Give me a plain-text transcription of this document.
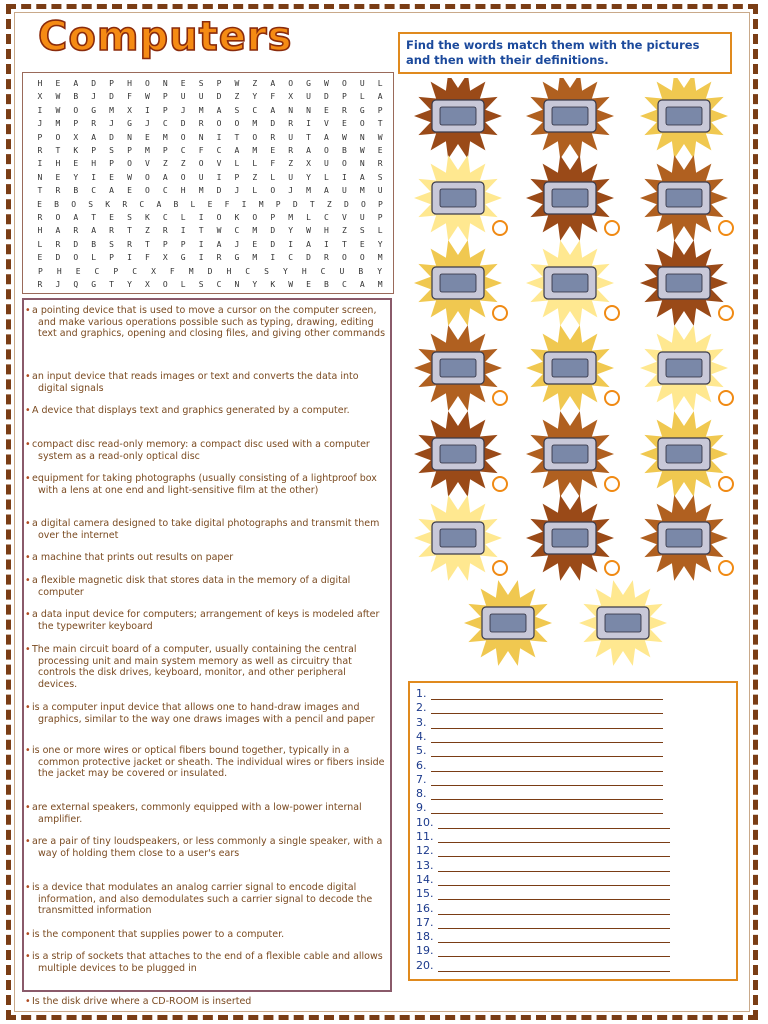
Computers	Find the words match them with the pictures and then with their definitions.
H	E	A	D	P	H	O	N	E	S	P	W	Z	A	O	G	W	O	U	L
X	W	B	J	D	F	W	P	U	U	D	Z	Y	F	X	U	D	P	L	A
I	W	O	G	M	X	I	P	J	M	A	S	C	A	N	N	E	R	G	P
J	M	P	R	J	G	J	C	D	R	O	O	M	D	R	I	V	E	O	T
P	O	X	A	D	N	E	M	O	N	I	T	O	R	U	T	A	W	N	W
R	T	K	P	S	P	M	P	C	F	C	A	M	E	R	A	O	B	W	E
I	H	E	H	P	O	V	Z	Z	O	V	L	L	F	Z	X	U	O	N	R
N	E	Y	I	E	W	O	A	O	U	I	P	Z	L	U	Y	L	I	A	S
T	R	B	C	A	E	O	C	H	M	D	J	L	O	J	M	A	U	M	U
E	B	O	S	K	R	C	A	B	L	E	F	I	M	P	D	T	Z	D	O	P
R	O	A	T	E	S	K	C	L	I	O	K	O	P	M	L	C	V	U	P
H	A	R	A	R	T	Z	R	I	T	W	C	M	D	Y	W	H	Z	S	L
L	R	D	B	S	R	T	P	P	I	A	J	E	D	I	A	I	T	E	Y
E	D	O	L	P	I	F	X	G	I	R	G	M	I	C	D	R	O	O	M
P	H	E	C	P	C	X	F	M	D	H	C	S	Y	H	C	U	B	Y
R	J	Q	G	T	Y	X	O	L	S	C	N	Y	K	W	E	B	C	A	M
• a pointing device that is used to move a cursor on the computer screen, and make various operations possible such as typing, drawing, editing text and graphics, opening and closing files, and giving other commands
• an input device that reads images or text and converts the data into digital signals
• A device that displays text and graphics generated by a computer.
• compact disc read-only memory: a compact disc used with a computer system as a read-only optical disc
• equipment for taking photographs (usually consisting of a lightproof box with a lens at one end and light-sensitive film at the other)
• a digital camera designed to take digital photographs and transmit them over the internet
• a machine that prints out results on paper
• a flexible magnetic disk that stores data in the memory of a digital computer
• a data input device for computers; arrangement of keys is modeled after the typewriter keyboard
• The main circuit board of a computer, usually containing the central processing unit and main system memory as well as circuitry that controls the disk drives, keyboard, monitor, and other peripheral devices.
• is a computer input device that allows one to hand-draw images and graphics, similar to the way one draws images with a pencil and paper
• is one or more wires or optical fibers bound together, typically in a common protective jacket or sheath. The individual wires or fibers inside the jacket may be covered or insulated.
• are external speakers, commonly equipped with a low-power internal amplifier.
• are a pair of tiny loudspeakers, or less commonly a single speaker, with a way of holding them close to a user's ears
• is a device that modulates an analog carrier signal to encode digital information, and also demodulates such a carrier signal to decode the transmitted information
• is the component that supplies power to a computer.
• is a strip of sockets that attaches to the end of a flexible cable and allows multiple devices to be plugged in
• Is the disk drive where a CD-ROOM is inserted
1.
2.
3.
4.
5.
6.
7.
8.
9.
10.
11.
12.
13.
14.
15.
16.
17.
18.
19.
20.
